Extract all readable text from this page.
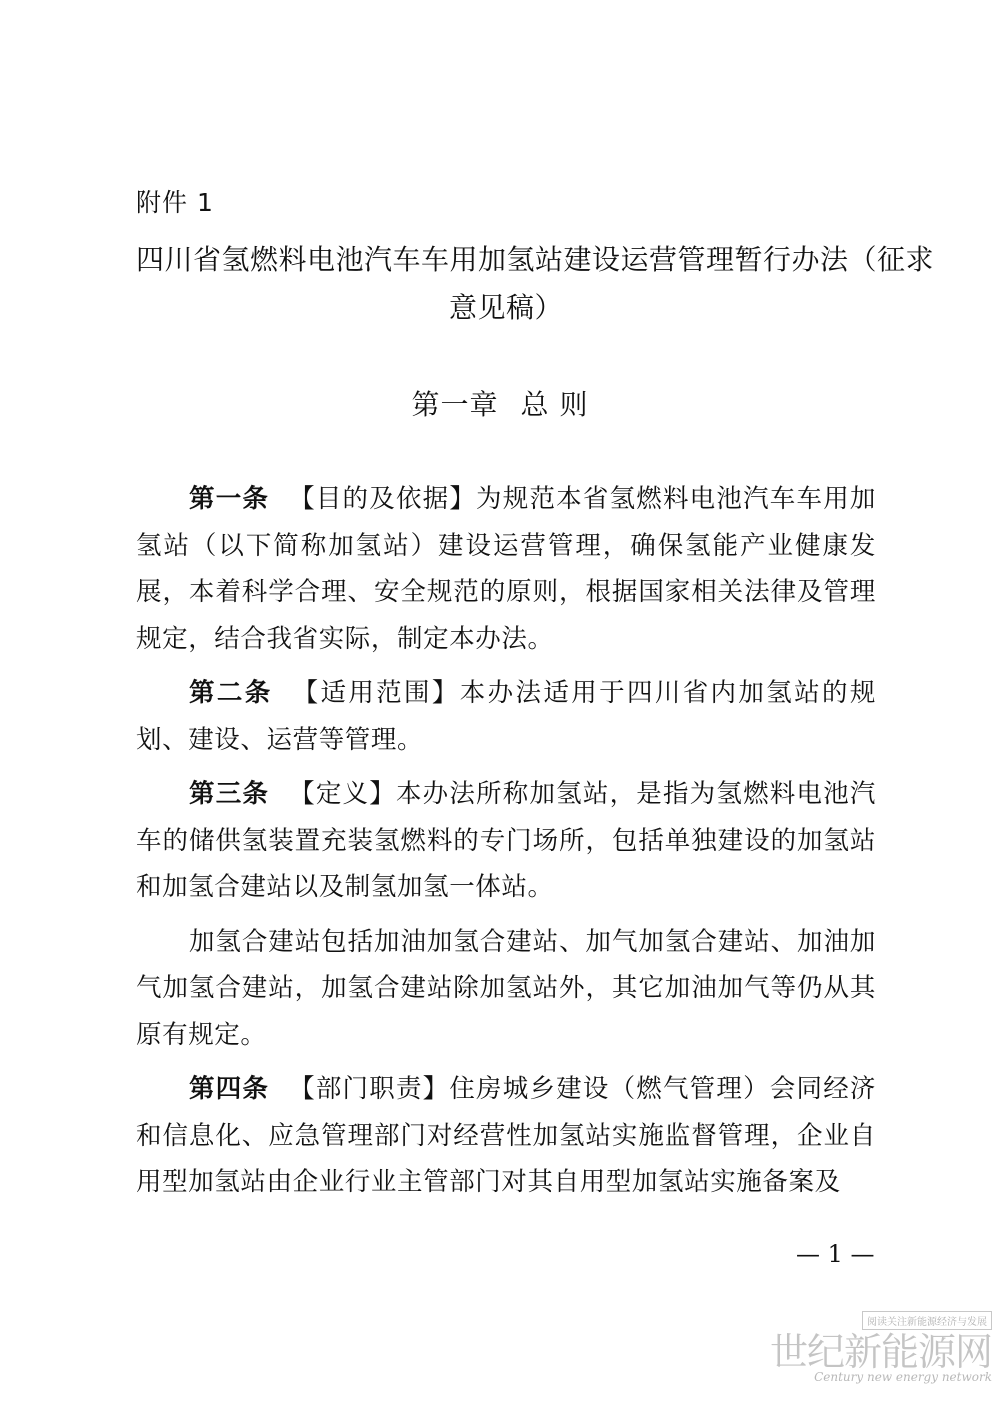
附件 1
四川省氢燃料电池汽车车用加氢站建设运营管理暂行办法（征求
意见稿）
第一章 总 则

第一条 【目的及依据】为规范本省氢燃料电池汽车车用加氢站（以下简称加氢站）建设运营管理，确保氢能产业健康发展，本着科学合理、安全规范的原则，根据国家相关法律及管理规定，结合我省实际，制定本办法。

第二条 【适用范围】本办法适用于四川省内加氢站的规划、建设、运营等管理。

第三条 【定义】本办法所称加氢站，是指为氢燃料电池汽车的储供氢装置充装氢燃料的专门场所，包括单独建设的加氢站和加氢合建站以及制氢加氢一体站。

加氢合建站包括加油加氢合建站、加气加氢合建站、加油加气加氢合建站，加氢合建站除加氢站外，其它加油加气等仍从其原有规定。

第四条 【部门职责】住房城乡建设（燃气管理）会同经济和信息化、应急管理部门对经营性加氢站实施监督管理，企业自用型加氢站由企业行业主管部门对其自用型加氢站实施备案及

— 1 —
阅读关注新能源经济与发展
世纪新能源网
Century new energy network
